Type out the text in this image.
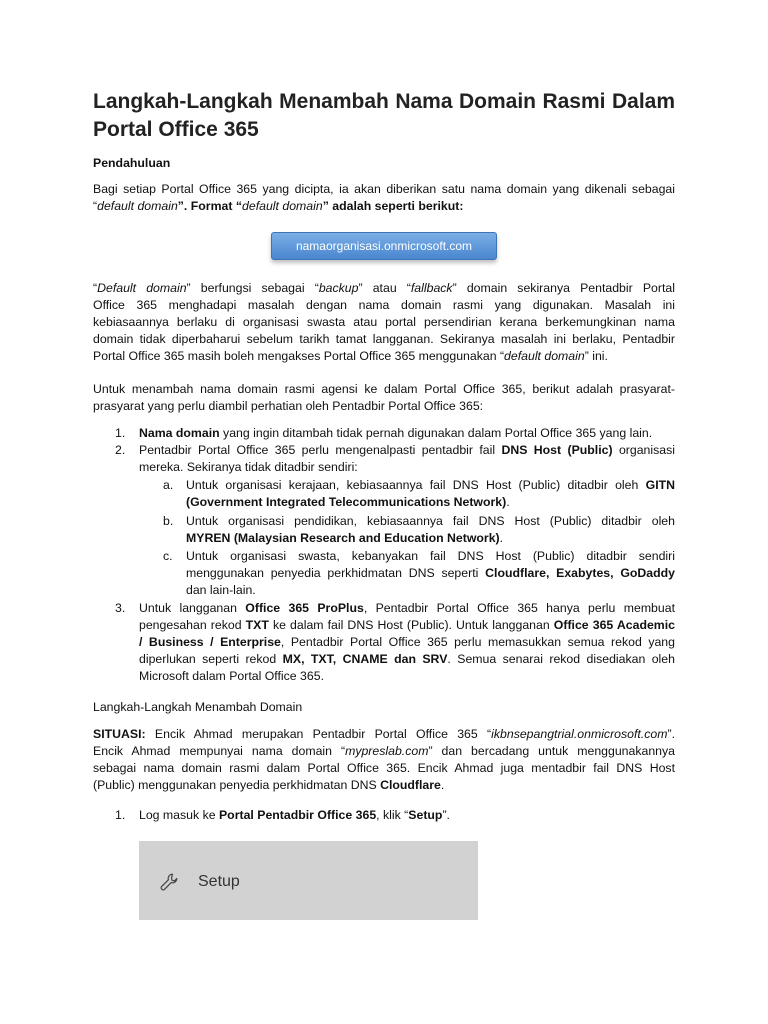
Langkah-Langkah Menambah Nama Domain Rasmi Dalam
Portal Office 365
Pendahuluan
Bagi setiap Portal Office 365 yang dicipta, ia akan diberikan satu nama domain yang dikenali sebagai
“default domain”. Format “default domain” adalah seperti berikut:
namaorganisasi.onmicrosoft.com
“Default domain” berfungsi sebagai “backup” atau “fallback” domain sekiranya Pentadbir Portal
Office 365 menghadapi masalah dengan nama domain rasmi yang digunakan. Masalah ini
kebiasaannya berlaku di organisasi swasta atau portal persendirian kerana berkemungkinan nama
domain tidak diperbaharui sebelum tarikh tamat langganan. Sekiranya masalah ini berlaku, Pentadbir
Portal Office 365 masih boleh mengakses Portal Office 365 menggunakan “default domain” ini.
Untuk menambah nama domain rasmi agensi ke dalam Portal Office 365, berikut adalah prasyarat-
prasyarat yang perlu diambil perhatian oleh Pentadbir Portal Office 365:
1. Nama domain yang ingin ditambah tidak pernah digunakan dalam Portal Office 365 yang lain.
2. Pentadbir Portal Office 365 perlu mengenalpasti pentadbir fail DNS Host (Public) organisasi
mereka. Sekiranya tidak ditadbir sendiri:
a. Untuk organisasi kerajaan, kebiasaannya fail DNS Host (Public) ditadbir oleh GITN
(Government Integrated Telecommunications Network).
b. Untuk organisasi pendidikan, kebiasaannya fail DNS Host (Public) ditadbir oleh
MYREN (Malaysian Research and Education Network).
c. Untuk organisasi swasta, kebanyakan fail DNS Host (Public) ditadbir sendiri
menggunakan penyedia perkhidmatan DNS seperti Cloudflare, Exabytes, GoDaddy
dan lain-lain.
3. Untuk langganan Office 365 ProPlus, Pentadbir Portal Office 365 hanya perlu membuat
pengesahan rekod TXT ke dalam fail DNS Host (Public). Untuk langganan Office 365 Academic
/ Business / Enterprise, Pentadbir Portal Office 365 perlu memasukkan semua rekod yang
diperlukan seperti rekod MX, TXT, CNAME dan SRV. Semua senarai rekod disediakan oleh
Microsoft dalam Portal Office 365.
Langkah-Langkah Menambah Domain
SITUASI: Encik Ahmad merupakan Pentadbir Portal Office 365 “ikbnsepangtrial.onmicrosoft.com”.
Encik Ahmad mempunyai nama domain “mypreslab.com” dan bercadang untuk menggunakannya
sebagai nama domain rasmi dalam Portal Office 365. Encik Ahmad juga mentadbir fail DNS Host
(Public) menggunakan penyedia perkhidmatan DNS Cloudflare.
1. Log masuk ke Portal Pentadbir Office 365, klik “Setup”.
Setup
